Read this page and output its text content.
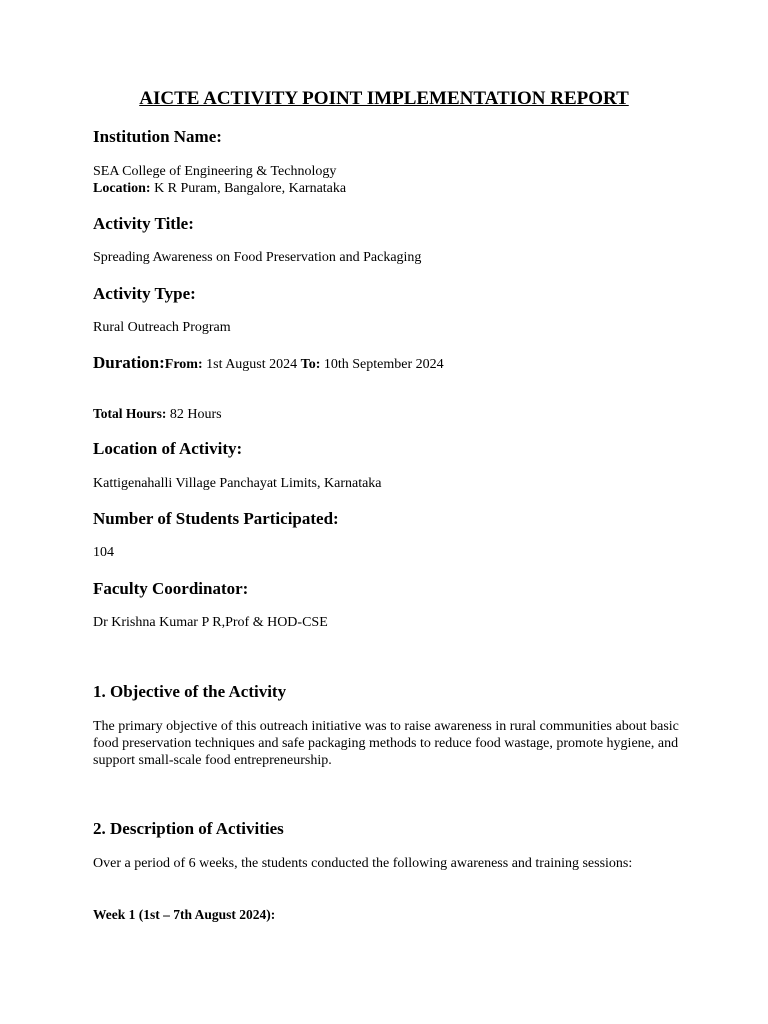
AICTE ACTIVITY POINT IMPLEMENTATION REPORT
Institution Name:
SEA College of Engineering & Technology
Location: K R Puram, Bangalore, Karnataka
Activity Title:
Spreading Awareness on Food Preservation and Packaging
Activity Type:
Rural Outreach Program
Duration:From: 1st August 2024 To: 10th September 2024
Total Hours: 82 Hours
Location of Activity:
Kattigenahalli Village Panchayat Limits, Karnataka
Number of Students Participated:
104
Faculty Coordinator:
Dr Krishna Kumar P R,Prof & HOD-CSE
1. Objective of the Activity
The primary objective of this outreach initiative was to raise awareness in rural communities about basic food preservation techniques and safe packaging methods to reduce food wastage, promote hygiene, and support small-scale food entrepreneurship.
2. Description of Activities
Over a period of 6 weeks, the students conducted the following awareness and training sessions:
Week 1 (1st – 7th August 2024):
